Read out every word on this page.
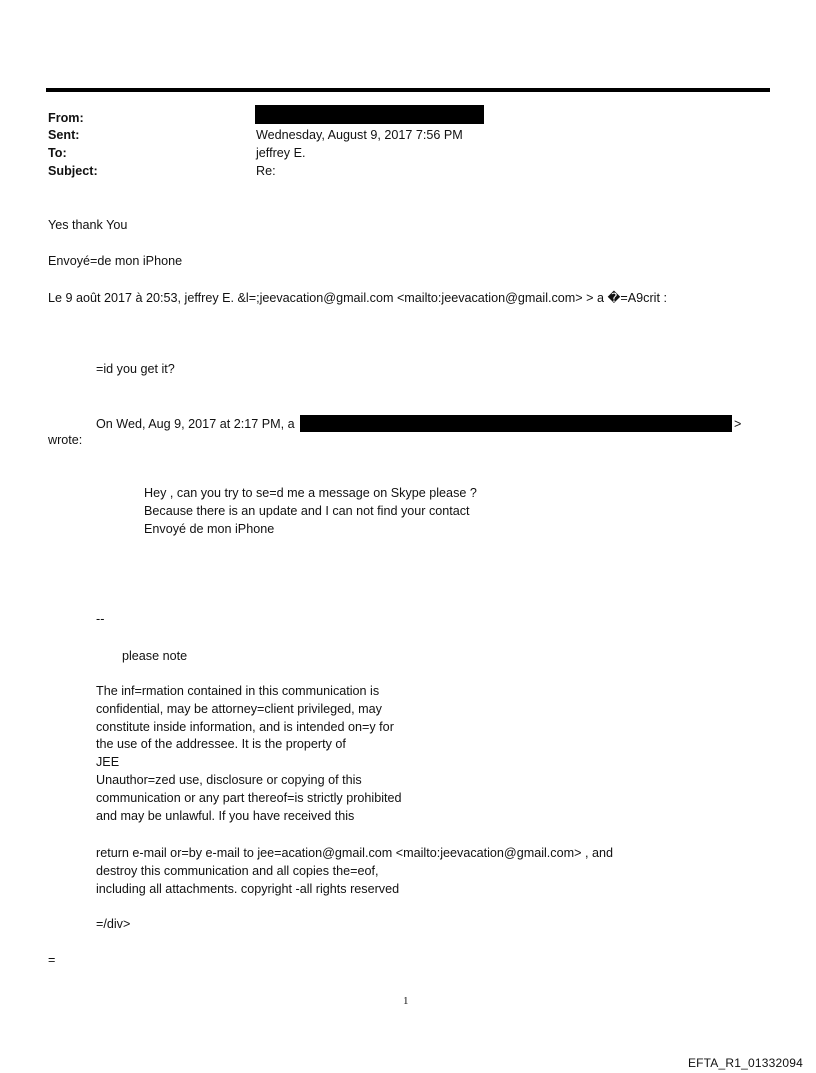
From:
Sent:
To:
Subject:
Wednesday, August 9, 2017 7:56 PM
jeffrey E.
Re:
Yes thank You
Envoyé=de mon iPhone
Le 9 août 2017 à 20:53, jeffrey E. &l=;jeevacation@gmail.com <mailto:jeevacation@gmail.com> > a �=A9crit :
=id you get it?
On Wed, Aug 9, 2017 at 2:17 PM, a	>
wrote:
Hey , can you try to se=d me a message on Skype please ?
Because there is an update and I can not find your contact
Envoyé de mon iPhone
--
please note
The inf=rmation contained in this communication is
confidential, may be attorney=client privileged, may
constitute inside information, and is intended on=y for
the use of the addressee. It is the property of
JEE
Unauthor=zed use, disclosure or copying of this
communication or any part thereof=is strictly prohibited
and may be unlawful. If you have received this
return e-mail or=by e-mail to jee=acation@gmail.com <mailto:jeevacation@gmail.com> , and
destroy this communication and all copies the=eof,
including all attachments. copyright -all rights reserved
=/div>
=
1
EFTA_R1_01332094
